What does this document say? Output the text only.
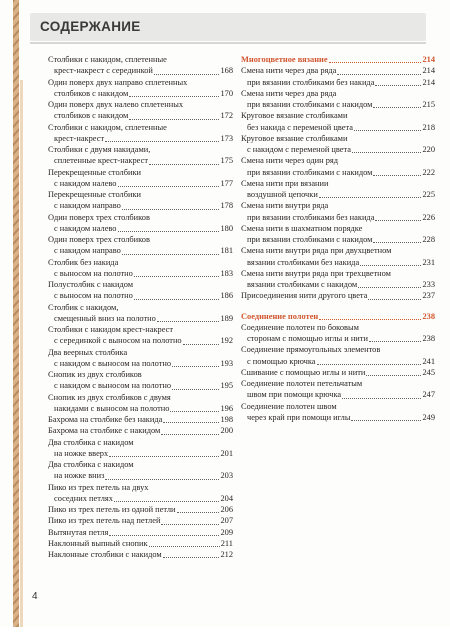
СОДЕРЖАНИЕ
Столбики с накидом, сплетенные
крест-накрест с серединкой	168
Один поверх двух направо сплетенных
столбиков с накидом	170
Один поверх двух налево сплетенных
столбиков с накидом	172
Столбики с накидом, сплетенные
крест-накрест	173
Столбики с двумя накидами,
сплетенные крест-накрест	175
Перекрещенные столбики
с накидом налево	177
Перекрещенные столбики
с накидом направо	178
Один поверх трех столбиков
с накидом налево	180
Один поверх трех столбиков
с накидом направо	181
Столбик без накида
с выносом на полотно	183
Полустолбик с накидом
с выносом на полотно	186
Столбик с накидом,
смещенный вниз на полотно	189
Столбики с накидом крест-накрест
с серединкой с выносом на полотно	192
Два веерных столбика
с накидом с выносом на полотно	193
Снопик из двух столбиков
с накидом с выносом на полотно	195
Снопик из двух столбиков с двумя
накидами с выносом на полотно	196
Бахрома на столбике без накида	198
Бахрома на столбике с накидом	200
Два столбика с накидом
на ножке вверх	201
Два столбика с накидом
на ножке вниз	203
Пико из трех петель на двух
соседних петлях	204
Пико из трех петель из одной петли	206
Пико из трех петель над петлей	207
Вытянутая петля	209
Наклонный выпный снопик	211
Наклонные столбики с накидом	212
Многоцветное вязание	214
Смена нити через два ряда	214
при вязании столбиками без накида	214
Смена нити через два ряда
при вязании столбиками с накидом	215
Круговое вязание столбиками
без накида с переменой цвета	218
Круговое вязание столбиками
с накидом с переменой цвета	220
Смена нити через один ряд
при вязании столбиками с накидом	222
Смена нити при вязании
воздушной цепочки	225
Смена нити внутри ряда
при вязании столбиками без накида	226
Смена нити в шахматном порядке
при вязании столбиками с накидом	228
Смена нити внутри ряда при двухцветном
вязании столбиками без накида	231
Смена нити внутри ряда при трехцветном
вязании столбиками с накидом	233
Присоединения нити другого цвета	237
Соединение полотен	238
Соединение полотен по боковым
сторонам с помощью иглы и нити	238
Соединение прямоугольных элементов
с помощью крючка	241
Сшивание с помощью иглы и нити	245
Соединение полотен петельчатым
швом при помощи крючка	247
Соединение полотен швом
через край при помощи иглы	249
4
